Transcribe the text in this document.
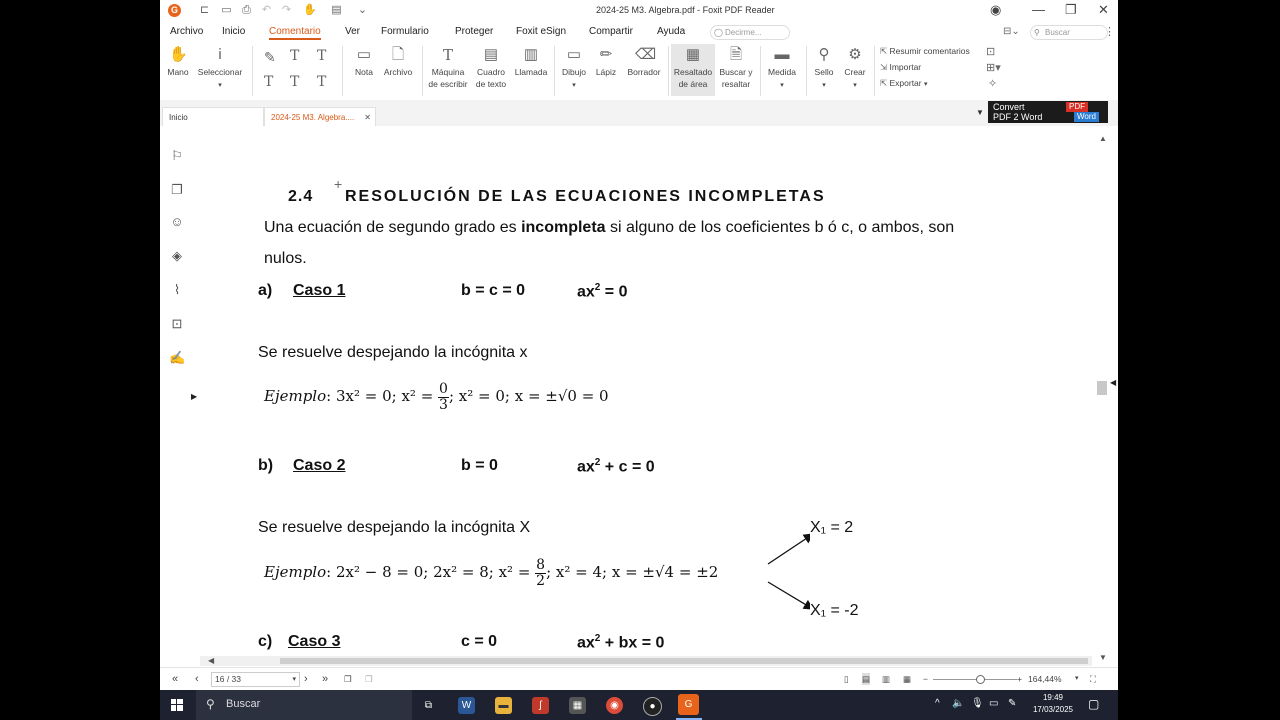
G ⊏ ▭ ⎙ ↶ ↷ ✋ ▤ ⌄	2024-25 M3. Algebra.pdf - Foxit PDF Reader	◉ — ❐ ✕
Archivo Inicio Comentario Ver Formulario	Proteger Foxit eSign Compartir Ayuda	◯ Decirme...	⊟⌄ ⚲ Buscar	⋮
✋
Mano
Ꭵ
Seleccionar
▾
✎ T T
T T T
▭
Nota
🗋
Archivo
T
Máquina
de escribir
▤
Cuadro
de texto
▥
Llamada
▭
Dibujo
▾
✏
Lápiz
⌫
Borrador
▦
Resaltado
de área
🗎
Buscar y
resaltar
▬
Medida
▾
⚲
Sello
▾
⚙
Crear
▾
⇱ Resumir comentarios
⇲ Importar
⇱ Exportar ▾
⊡
⊞▾
✧
Inicio	2024-25 M3. Algebra.... ✕
▼
Convert
PDF 2 Word
PDF
Word
⚐
❐
☺
◈
⌇
⊡
✍
▶
+
2.4 RESOLUCIÓN DE LAS ECUACIONES INCOMPLETAS
Una ecuación de segundo grado es incompleta si alguno de los coeficientes b ó c, o ambos, son
nulos.
a) Caso 1	b = c = 0	$ax^2 = 0$
Se resuelve despejando la incógnita x
Ejemplo: 3x² = 0; $x^2 = \frac{0}{3}$ ; x² = 0; x = ±√0 = 0
b) Caso 2	b = 0	$ax^2 + c = 0$
Se resuelve despejando la incógnita X
Ejemplo: 2x² − 8 = 0; 2x² = 8; $x^2 = \frac{8}{2}$ ; x² = 4; x = ±√4 = ±2
X₁ = 2
X₁ = -2
c) Caso 3	c = 0	$ax^2$ + bx = 0
▲
▼
◀
◀
« ‹	16 / 33	▾ › » ❐ ❐	▯ ▤ ▥ ▦ −	+ 164,44% ▾ ⛶
⚲ Buscar	⧉	W	▬	ʃ	▦	◉	●	G	^ 🔈 🎙 ▭ ✎
19:49
17/03/2025	▢
